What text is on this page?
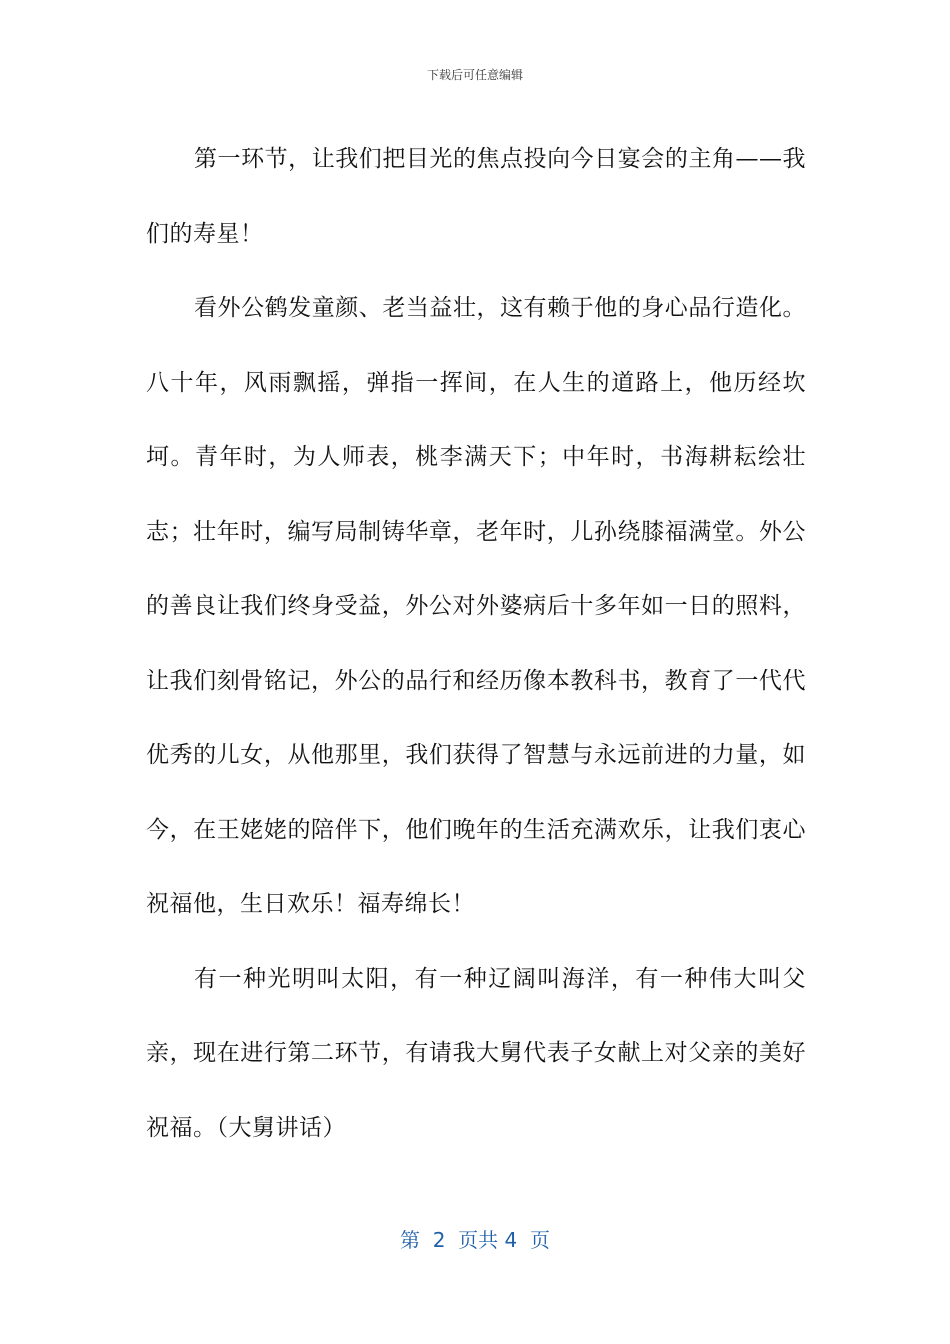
下载后可任意编辑

第一环节，让我们把目光的焦点投向今日宴会的主角——我们的寿星！

看外公鹤发童颜、老当益壮，这有赖于他的身心品行造化。八十年，风雨飘摇，弹指一挥间，在人生的道路上，他历经坎坷。青年时，为人师表，桃李满天下；中年时，书海耕耘绘壮志；壮年时，编写局制铸华章，老年时，儿孙绕膝福满堂。外公的善良让我们终身受益，外公对外婆病后十多年如一日的照料，让我们刻骨铭记，外公的品行和经历像本教科书，教育了一代代优秀的儿女，从他那里，我们获得了智慧与永远前进的力量，如今，在王姥姥的陪伴下，他们晚年的生活充满欢乐，让我们衷心祝福他，生日欢乐！福寿绵长！

有一种光明叫太阳，有一种辽阔叫海洋，有一种伟大叫父亲，现在进行第二环节，有请我大舅代表子女献上对父亲的美好祝福。（大舅讲话）

第  2  页共 4  页
